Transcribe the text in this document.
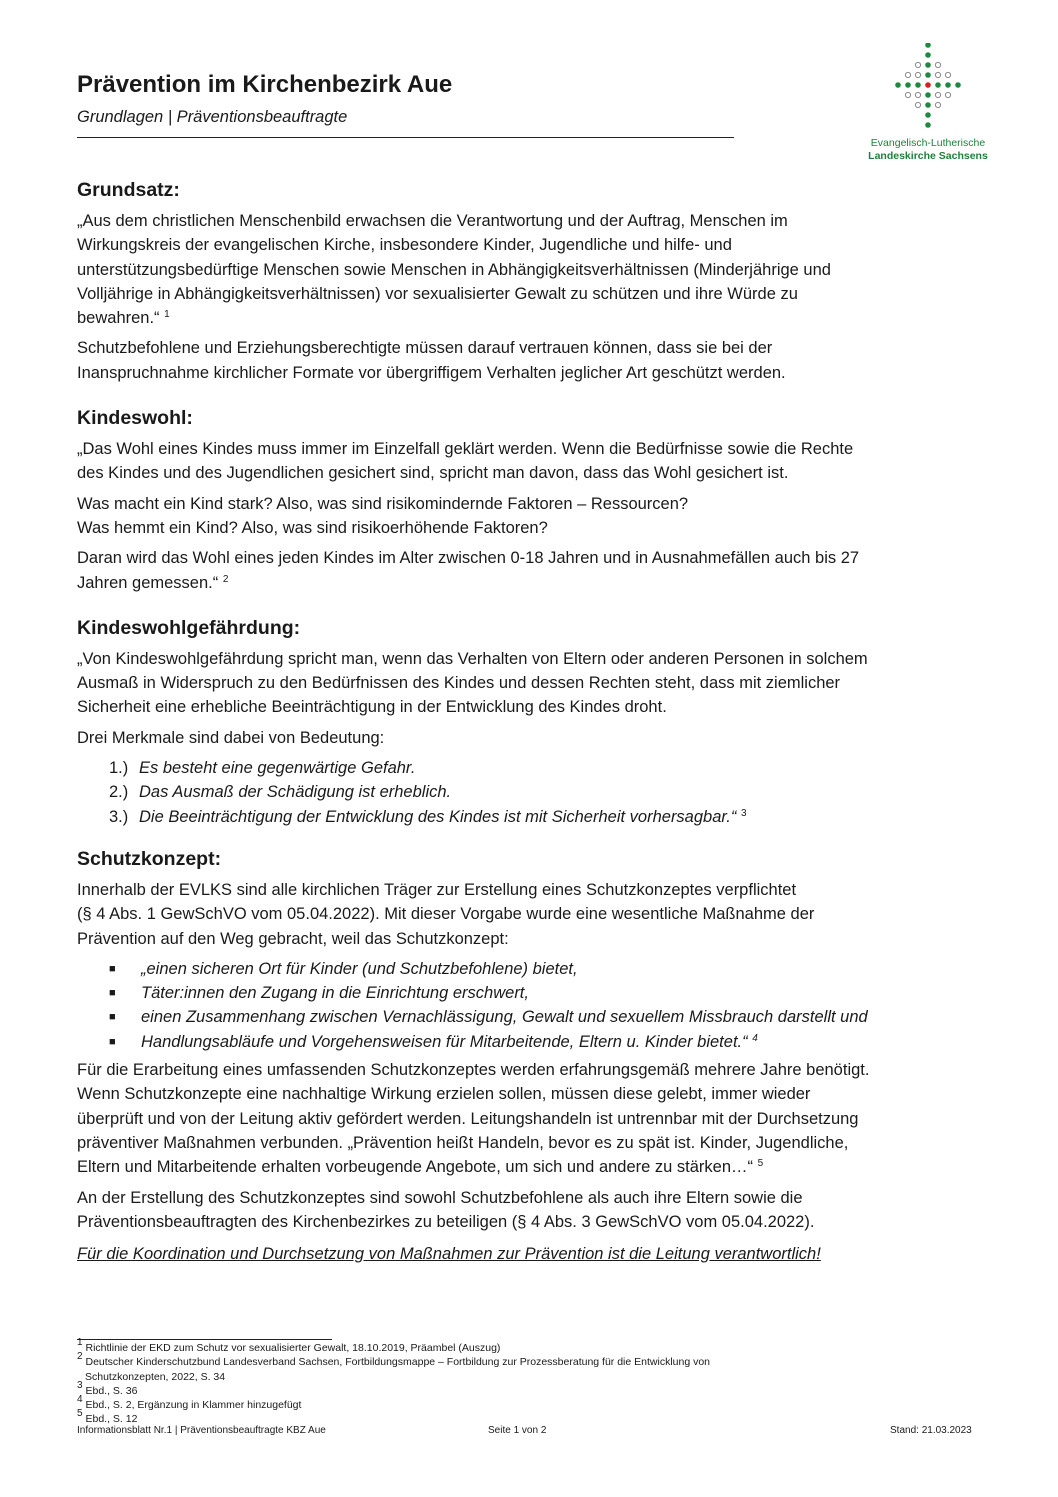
Prävention im Kirchenbezirk Aue

Grundlagen | Präventionsbeauftragte

Evangelisch-Lutherische
Landeskirche Sachsens
Grundsatz:

„Aus dem christlichen Menschenbild erwachsen die Verantwortung und der Auftrag, Menschen im
Wirkungskreis der evangelischen Kirche, insbesondere Kinder, Jugendliche und hilfe- und
unterstützungsbedürftige Menschen sowie Menschen in Abhängigkeitsverhältnissen (Minderjährige und
Volljährige in Abhängigkeitsverhältnissen) vor sexualisierter Gewalt zu schützen und ihre Würde zu
bewahren.“ $^1$

Schutzbefohlene und Erziehungsberechtigte müssen darauf vertrauen können, dass sie bei der
Inanspruchnahme kirchlicher Formate vor übergriffigem Verhalten jeglicher Art geschützt werden.

Kindeswohl:

„Das Wohl eines Kindes muss immer im Einzelfall geklärt werden. Wenn die Bedürfnisse sowie die Rechte
des Kindes und des Jugendlichen gesichert sind, spricht man davon, dass das Wohl gesichert ist.

Was macht ein Kind stark? Also, was sind risikomindernde Faktoren – Ressourcen?
Was hemmt ein Kind? Also, was sind risikoerhöhende Faktoren?

Daran wird das Wohl eines jeden Kindes im Alter zwischen 0-18 Jahren und in Ausnahmefällen auch bis 27
Jahren gemessen.“ $^2$

Kindeswohlgefährdung:

„Von Kindeswohlgefährdung spricht man, wenn das Verhalten von Eltern oder anderen Personen in solchem
Ausmaß in Widerspruch zu den Bedürfnissen des Kindes und dessen Rechten steht, dass mit ziemlicher
Sicherheit eine erhebliche Beeinträchtigung in der Entwicklung des Kindes droht.

Drei Merkmale sind dabei von Bedeutung:

1.) Es besteht eine gegenwärtige Gefahr.
2.) Das Ausmaß der Schädigung ist erheblich.
3.) Die Beeinträchtigung der Entwicklung des Kindes ist mit Sicherheit vorhersagbar.“ $^3$
Schutzkonzept:

Innerhalb der EVLKS sind alle kirchlichen Träger zur Erstellung eines Schutzkonzeptes verpflichtet
(§ 4 Abs. 1 GewSchVO vom 05.04.2022). Mit dieser Vorgabe wurde eine wesentliche Maßnahme der
Prävention auf den Weg gebracht, weil das Schutzkonzept:

■ „einen sicheren Ort für Kinder (und Schutzbefohlene) bietet,
■ Täter:innen den Zugang in die Einrichtung erschwert,
■ einen Zusammenhang zwischen Vernachlässigung, Gewalt und sexuellem Missbrauch darstellt und
■ Handlungsabläufe und Vorgehensweisen für Mitarbeitende, Eltern u. Kinder bietet.“ $^4$

Für die Erarbeitung eines umfassenden Schutzkonzeptes werden erfahrungsgemäß mehrere Jahre benötigt.
Wenn Schutzkonzepte eine nachhaltige Wirkung erzielen sollen, müssen diese gelebt, immer wieder
überprüft und von der Leitung aktiv gefördert werden. Leitungshandeln ist untrennbar mit der Durchsetzung
präventiver Maßnahmen verbunden. „Prävention heißt Handeln, bevor es zu spät ist. Kinder, Jugendliche,
Eltern und Mitarbeitende erhalten vorbeugende Angebote, um sich und andere zu stärken…“ $^5$

An der Erstellung des Schutzkonzeptes sind sowohl Schutzbefohlene als auch ihre Eltern sowie die
Präventionsbeauftragten des Kirchenbezirkes zu beteiligen (§ 4 Abs. 3 GewSchVO vom 05.04.2022).

Für die Koordination und Durchsetzung von Maßnahmen zur Prävention ist die Leitung verantwortlich!

$^1$ Richtlinie der EKD zum Schutz vor sexualisierter Gewalt, 18.10.2019, Präambel (Auszug)

$^2$ Deutscher Kinderschutzbund Landesverband Sachsen, Fortbildungsmappe – Fortbildung zur Prozessberatung für die Entwicklung von
Schutzkonzepten, 2022, S. 34

$^3$ Ebd., S. 36

$^4$ Ebd., S. 2, Ergänzung in Klammer hinzugefügt

$^5$ Ebd., S. 12

Informationsblatt Nr.1 | Präventionsbeauftragte KBZ Aue	Seite 1 von 2	Stand: 21.03.2023
